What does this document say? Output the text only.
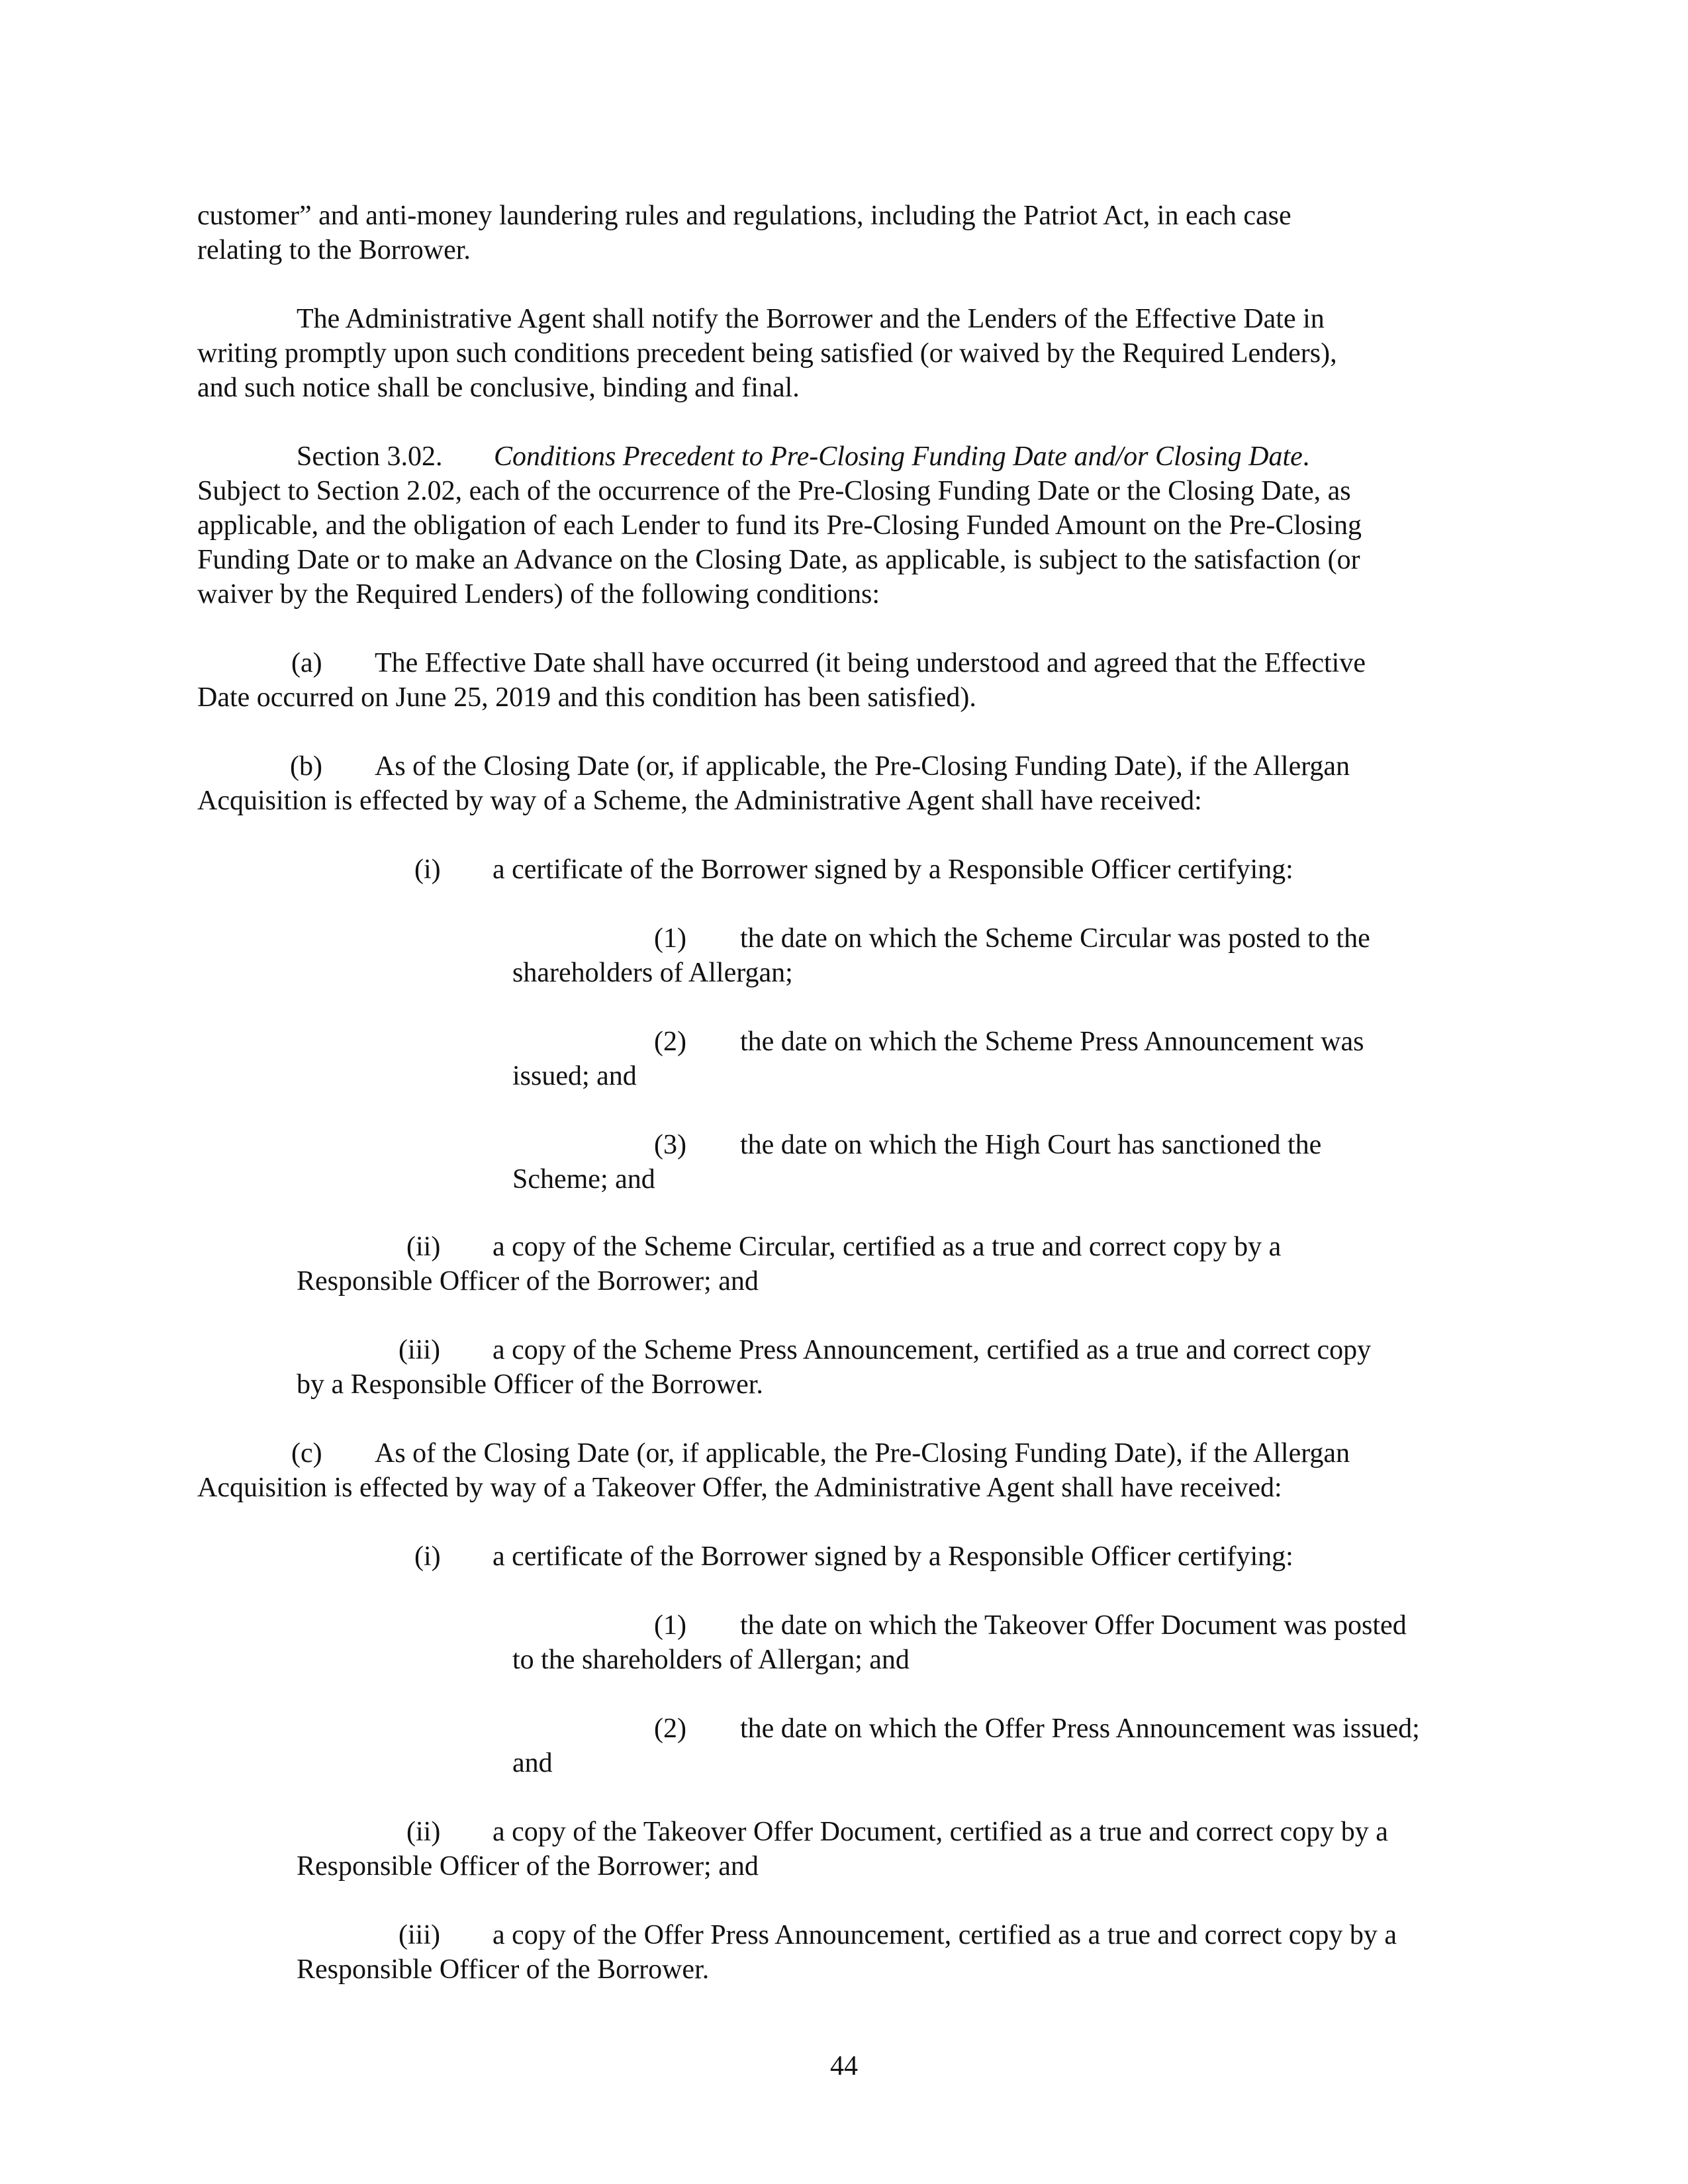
customer” and anti-money laundering rules and regulations, including the Patriot Act, in each case
relating to the Borrower.
The Administrative Agent shall notify the Borrower and the Lenders of the Effective Date in
writing promptly upon such conditions precedent being satisfied (or waived by the Required Lenders),
and such notice shall be conclusive, binding and final.
Section 3.02. Conditions Precedent to Pre-Closing Funding Date and/or Closing Date.
Subject to Section 2.02, each of the occurrence of the Pre-Closing Funding Date or the Closing Date, as
applicable, and the obligation of each Lender to fund its Pre-Closing Funded Amount on the Pre-Closing
Funding Date or to make an Advance on the Closing Date, as applicable, is subject to the satisfaction (or
waiver by the Required Lenders) of the following conditions:
(a) The Effective Date shall have occurred (it being understood and agreed that the Effective
Date occurred on June 25, 2019 and this condition has been satisfied).
(b) As of the Closing Date (or, if applicable, the Pre-Closing Funding Date), if the Allergan
Acquisition is effected by way of a Scheme, the Administrative Agent shall have received:
(i) a certificate of the Borrower signed by a Responsible Officer certifying:
(1) the date on which the Scheme Circular was posted to the
shareholders of Allergan;
(2) the date on which the Scheme Press Announcement was
issued; and
(3) the date on which the High Court has sanctioned the
Scheme; and
(ii) a copy of the Scheme Circular, certified as a true and correct copy by a
Responsible Officer of the Borrower; and
(iii) a copy of the Scheme Press Announcement, certified as a true and correct copy
by a Responsible Officer of the Borrower.
(c) As of the Closing Date (or, if applicable, the Pre-Closing Funding Date), if the Allergan
Acquisition is effected by way of a Takeover Offer, the Administrative Agent shall have received:
(i) a certificate of the Borrower signed by a Responsible Officer certifying:
(1) the date on which the Takeover Offer Document was posted
to the shareholders of Allergan; and
(2) the date on which the Offer Press Announcement was issued;
and
(ii) a copy of the Takeover Offer Document, certified as a true and correct copy by a
Responsible Officer of the Borrower; and
(iii) a copy of the Offer Press Announcement, certified as a true and correct copy by a
Responsible Officer of the Borrower.
44
